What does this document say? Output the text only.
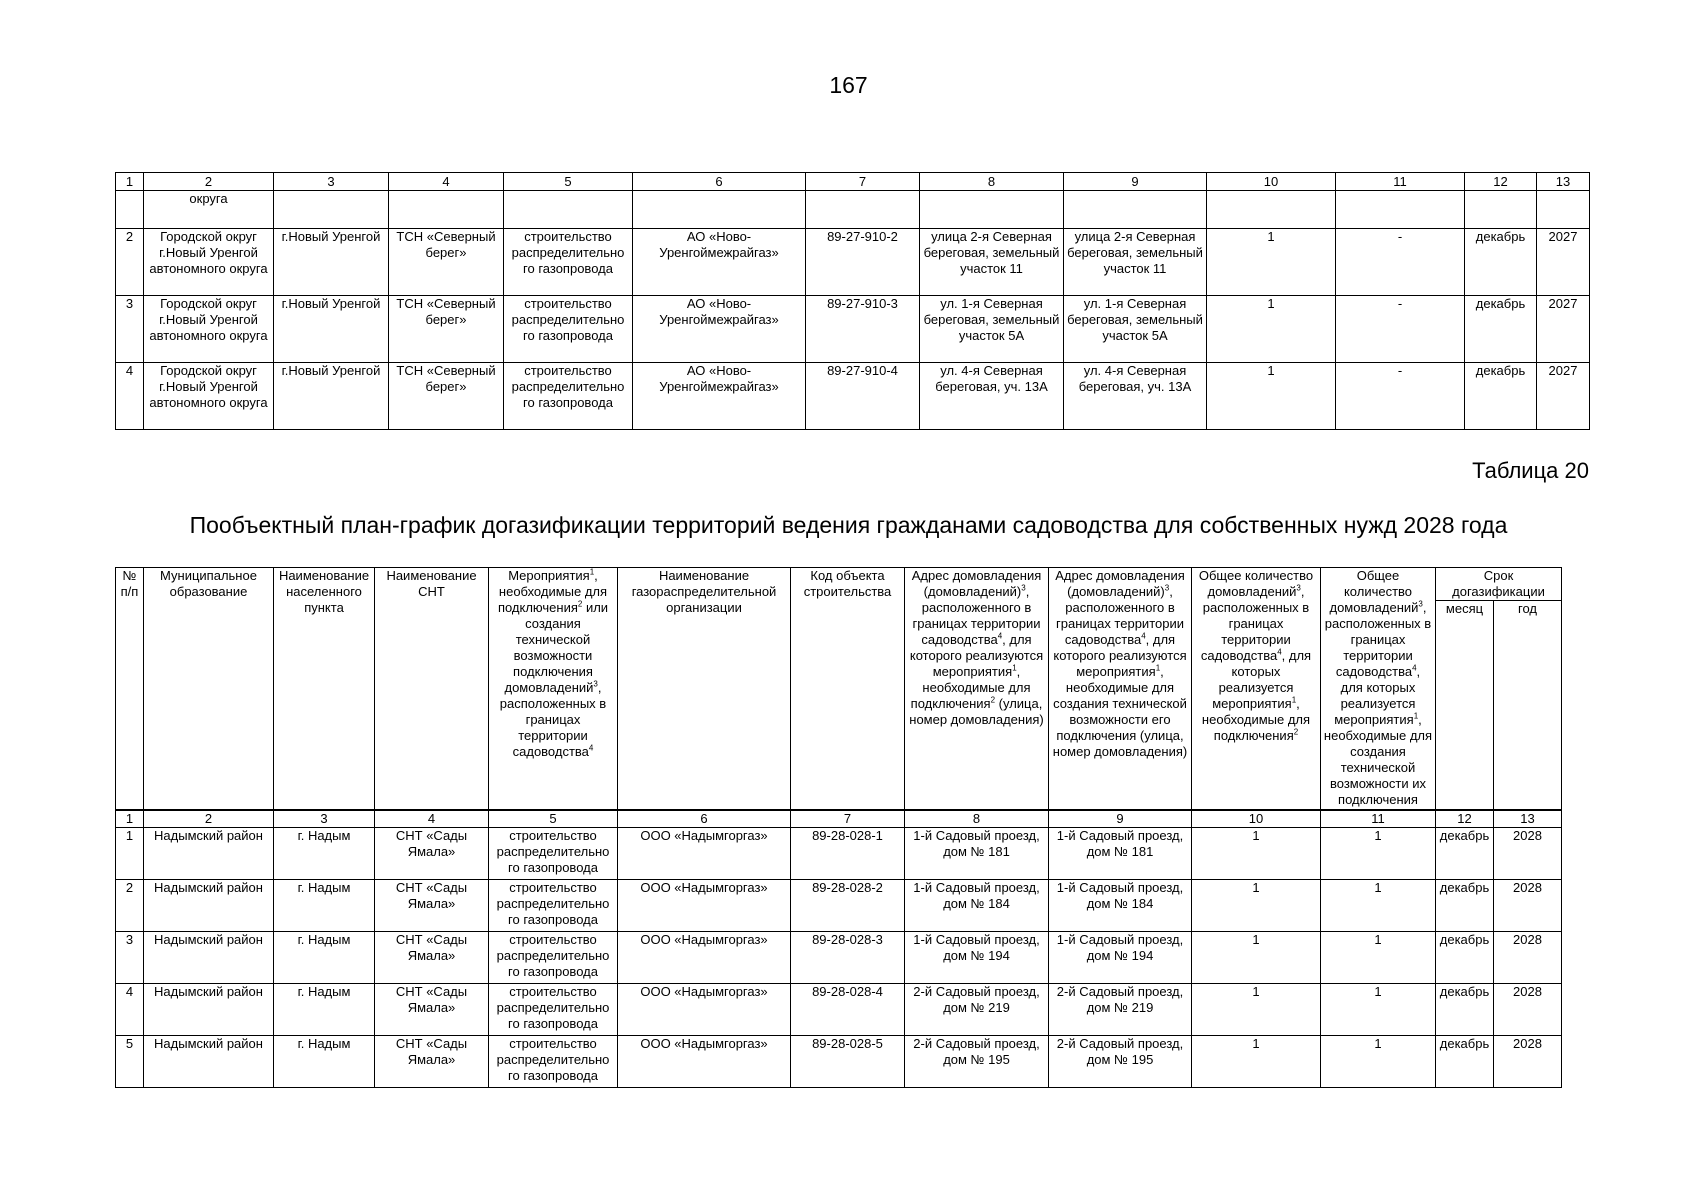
167
1	2	3	4	5	6	7	8	9	10	11	12	13
	округа											
2	Городской округ г.Новый Уренгой автономного округа	г.Новый Уренгой	ТСН «Северный берег»	строительство распределительно го газопровода	АО «Ново-Уренгоймежрайгаз»	89-27-910-2	улица 2-я Северная береговая, земельный участок 11	улица 2-я Северная береговая, земельный участок 11	1	-	декабрь	2027
3	Городской округ г.Новый Уренгой автономного округа	г.Новый Уренгой	ТСН «Северный берег»	строительство распределительно го газопровода	АО «Ново-Уренгоймежрайгаз»	89-27-910-3	ул. 1-я Северная береговая, земельный участок 5А	ул. 1-я Северная береговая, земельный участок 5А	1	-	декабрь	2027
4	Городской округ г.Новый Уренгой автономного округа	г.Новый Уренгой	ТСН «Северный берег»	строительство распределительно го газопровода	АО «Ново-Уренгоймежрайгаз»	89-27-910-4	ул. 4-я Северная береговая, уч. 13А	ул. 4-я Северная береговая, уч. 13А	1	-	декабрь	2027
Таблица 20
Пообъектный план-график догазификации территорий ведения гражданами садоводства для собственных нужд 2028 года
№ п/п	Муниципальное образование	Наименование населенного пункта	Наименование СНТ	Мероприятия$^1$, необходимые для подключения$^2$ или создания технической возможности подключения домовладений$^3$, расположенных в границах территории садоводства$^4$	Наименование газораспределительной организации	Код объекта строительства	Адрес домовладения (домовладений)$^3$, расположенного в границах территории садоводства$^4$, для которого реализуются мероприятия$^1$, необходимые для подключения$^2$ (улица, номер домовладения)	Адрес домовладения (домовладений)$^3$, расположенного в границах территории садоводства$^4$, для которого реализуются мероприятия$^1$, необходимые для создания технической возможности его подключения (улица, номер домовладения)	Общее количество домовладений$^3$, расположенных в границах территории садоводства$^4$, для которых реализуется мероприятия$^1$, необходимые для подключения$^2$	Общее количество домовладений$^3$, расположенных в границах территории садоводства$^4$, для которых реализуется мероприятия$^1$, необходимые для создания технической возможности их подключения	Срок догазификации	
											месяц	год
1	2	3	4	5	6	7	8	9	10	11	12	13
1	Надымский район	г. Надым	СНТ «Сады Ямала»	строительство распределительно го газопровода	ООО «Надымгоргаз»	89-28-028-1	1-й Садовый проезд, дом № 181	1-й Садовый проезд, дом № 181	1	1	декабрь	2028
2	Надымский район	г. Надым	СНТ «Сады Ямала»	строительство распределительно го газопровода	ООО «Надымгоргаз»	89-28-028-2	1-й Садовый проезд, дом № 184	1-й Садовый проезд, дом № 184	1	1	декабрь	2028
3	Надымский район	г. Надым	СНТ «Сады Ямала»	строительство распределительно го газопровода	ООО «Надымгоргаз»	89-28-028-3	1-й Садовый проезд, дом № 194	1-й Садовый проезд, дом № 194	1	1	декабрь	2028
4	Надымский район	г. Надым	СНТ «Сады Ямала»	строительство распределительно го газопровода	ООО «Надымгоргаз»	89-28-028-4	2-й Садовый проезд, дом № 219	2-й Садовый проезд, дом № 219	1	1	декабрь	2028
5	Надымский район	г. Надым	СНТ «Сады Ямала»	строительство распределительно го газопровода	ООО «Надымгоргаз»	89-28-028-5	2-й Садовый проезд, дом № 195	2-й Садовый проезд, дом № 195	1	1	декабрь	2028
